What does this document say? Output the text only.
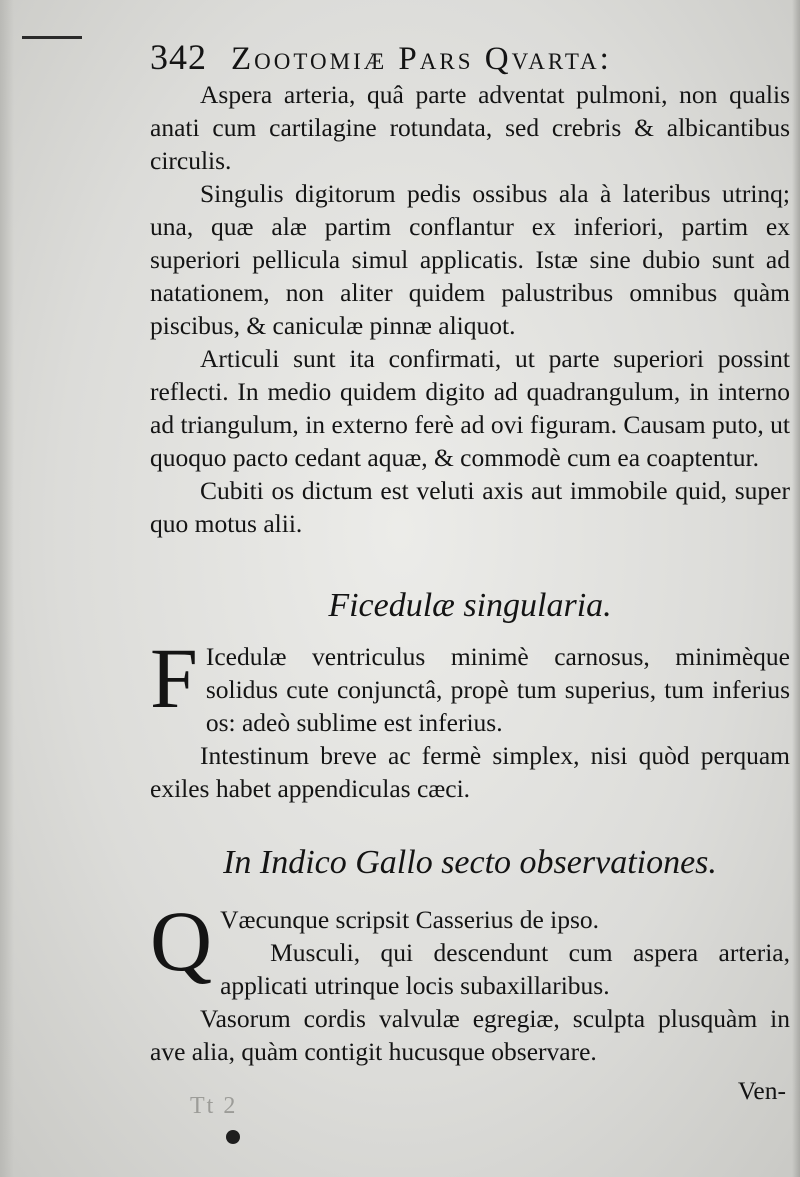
342 Zootomiæ Pars Qvarta:

Aspera arteria, quâ parte adventat pulmoni, non qualis anati cum cartilagine rotundata, sed crebris & albicantibus circulis.

Singulis digitorum pedis ossibus ala à lateribus utrinq; una, quæ alæ partim conflantur ex inferiori, partim ex superiori pellicula simul applicatis. Istæ sine dubio sunt ad natationem, non aliter quidem palustribus omnibus quàm piscibus, & caniculæ pinnæ aliquot.

Articuli sunt ita confirmati, ut parte superiori possint reflecti. In medio quidem digito ad quadrangulum, in interno ad triangulum, in externo ferè ad ovi figuram. Causam puto, ut quoquo pacto cedant aquæ, & commodè cum ea coaptentur.

Cubiti os dictum est veluti axis aut immobile quid, super quo motus alii.

Ficedulæ singularia.
F Icedulæ ventriculus minimè carnosus, minimèque solidus cute conjunctâ, propè tum superius, tum inferius os: adeò sublime est inferius.

Intestinum breve ac fermè simplex, nisi quòd perquam exiles habet appendiculas cæci.

In Indico Gallo secto observationes.
Q Væcunque scripsit Casserius de ipso.

Musculi, qui descendunt cum aspera arteria, applicati utrinque locis subaxillaribus.

Vasorum cordis valvulæ egregiæ, sculpta plusquàm in ave alia, quàm contigit hucusque observare.

Tt 2
Ven-
